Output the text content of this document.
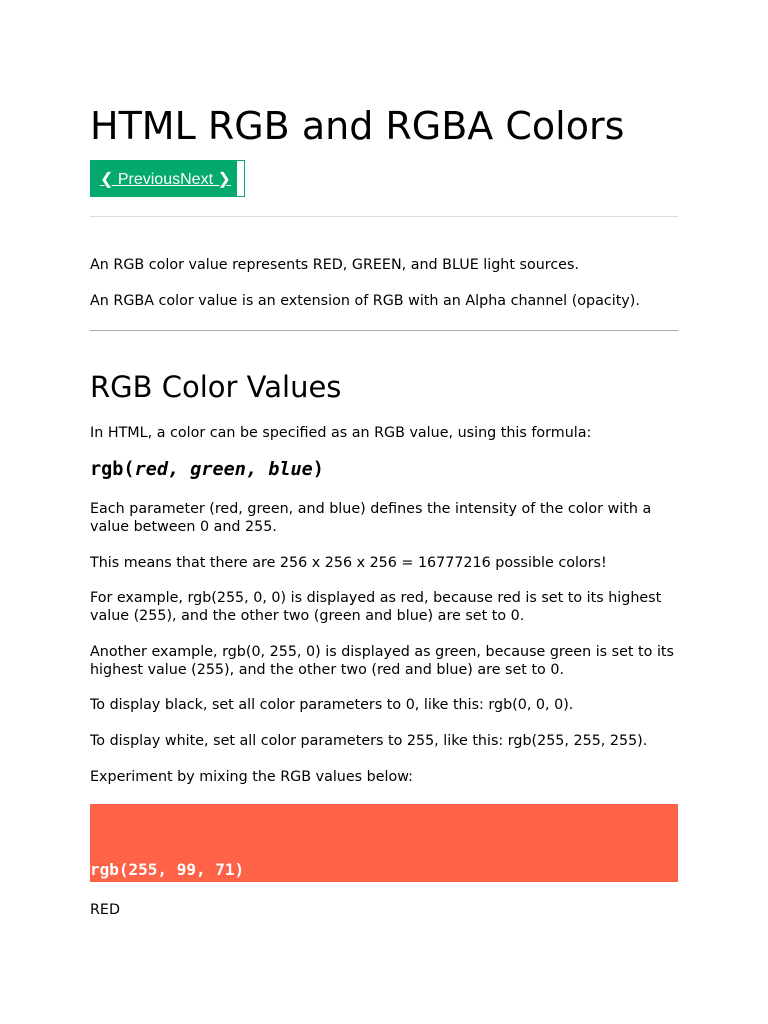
HTML RGB and RGBA Colors
❮ Previous Next ❯

An RGB color value represents RED, GREEN, and BLUE light sources.

An RGBA color value is an extension of RGB with an Alpha channel (opacity).

RGB Color Values

In HTML, a color can be specified as an RGB value, using this formula:

rgb(red, green, blue)

Each parameter (red, green, and blue) defines the intensity of the color with a value between 0 and 255.

This means that there are 256 x 256 x 256 = 16777216 possible colors!

For example, rgb(255, 0, 0) is displayed as red, because red is set to its highest value (255), and the other two (green and blue) are set to 0.

Another example, rgb(0, 255, 0) is displayed as green, because green is set to its highest value (255), and the other two (red and blue) are set to 0.

To display black, set all color parameters to 0, like this: rgb(0, 0, 0).

To display white, set all color parameters to 255, like this: rgb(255, 255, 255).

Experiment by mixing the RGB values below:

rgb(255, 99, 71)

RED
